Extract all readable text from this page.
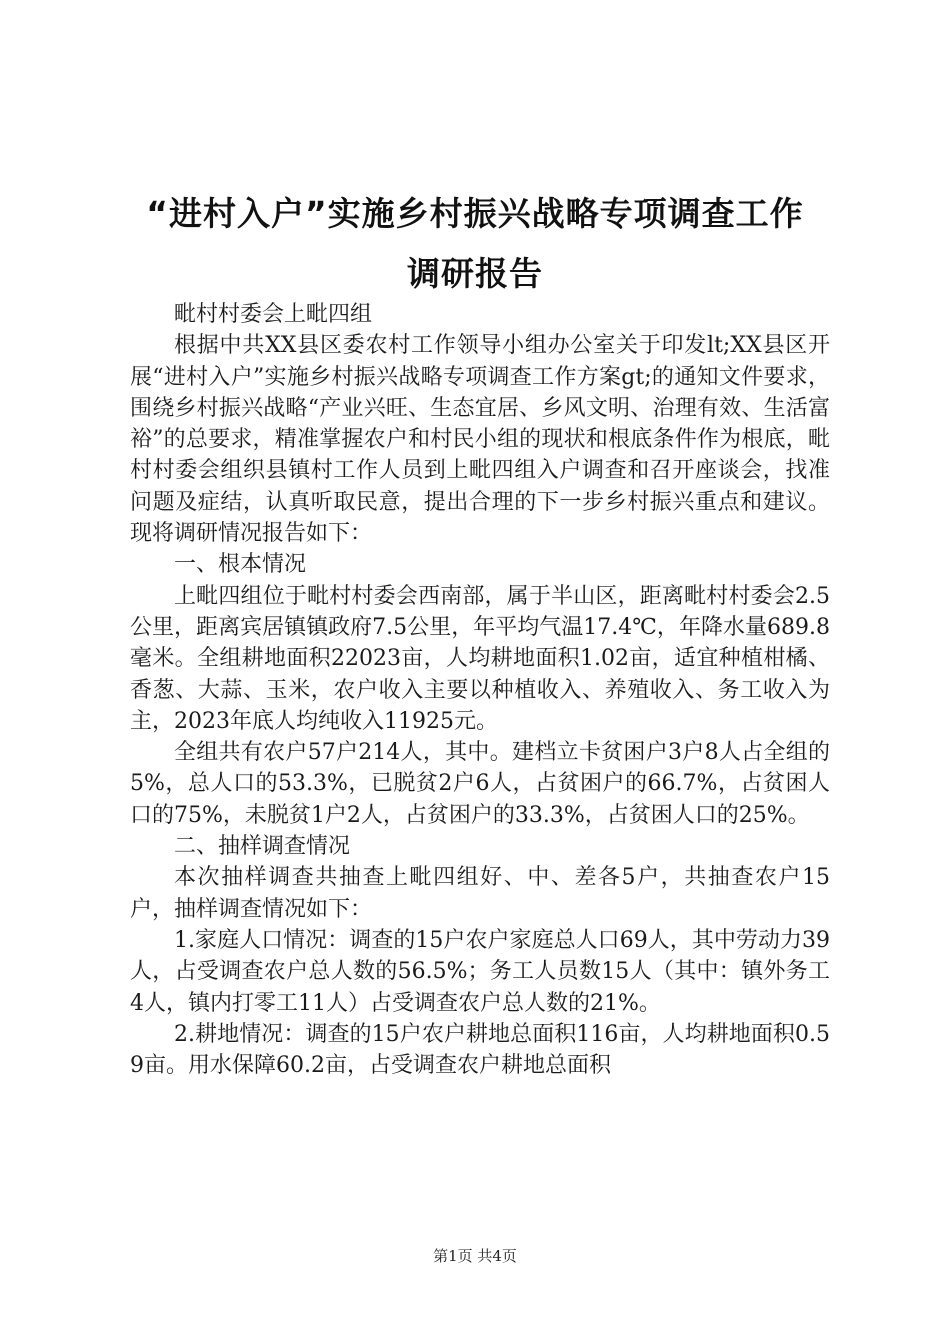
“进村入户”实施乡村振兴战略专项调查工作
调研报告

毗村村委会上毗四组

根据中共XX县区委农村工作领导小组办公室关于印发lt;XX县区开展“进村入户”实施乡村振兴战略专项调查工作方案gt;的通知文件要求，围绕乡村振兴战略“产业兴旺、生态宜居、乡风文明、治理有效、生活富裕”的总要求，精准掌握农户和村民小组的现状和根底条件作为根底，毗村村委会组织县镇村工作人员到上毗四组入户调查和召开座谈会，找准问题及症结，认真听取民意，提出合理的下一步乡村振兴重点和建议。现将调研情况报告如下：

一、根本情况

上毗四组位于毗村村委会西南部，属于半山区，距离毗村村委会2.5公里，距离宾居镇镇政府7.5公里，年平均气温17.4℃，年降水量689.8毫米。全组耕地面积22023亩，人均耕地面积1.02亩，适宜种植柑橘、香葱、大蒜、玉米，农户收入主要以种植收入、养殖收入、务工收入为主，2023年底人均纯收入11925元。

全组共有农户57户214人，其中。建档立卡贫困户3户8人占全组的5%，总人口的53.3%，已脱贫2户6人，占贫困户的66.7%，占贫困人口的75%，未脱贫1户2人，占贫困户的33.3%，占贫困人口的25%。

二、抽样调查情况

本次抽样调查共抽查上毗四组好、中、差各5户，共抽查农户15户，抽样调查情况如下：

1.家庭人口情况：调查的15户农户家庭总人口69人，其中劳动力39人，占受调查农户总人数的56.5%；务工人员数15人（其中：镇外务工4人，镇内打零工11人）占受调查农户总人数的21%。

2.耕地情况：调查的15户农户耕地总面积116亩，人均耕地面积0.59亩。用水保障60.2亩，占受调查农户耕地总面积

第1页 共4页
